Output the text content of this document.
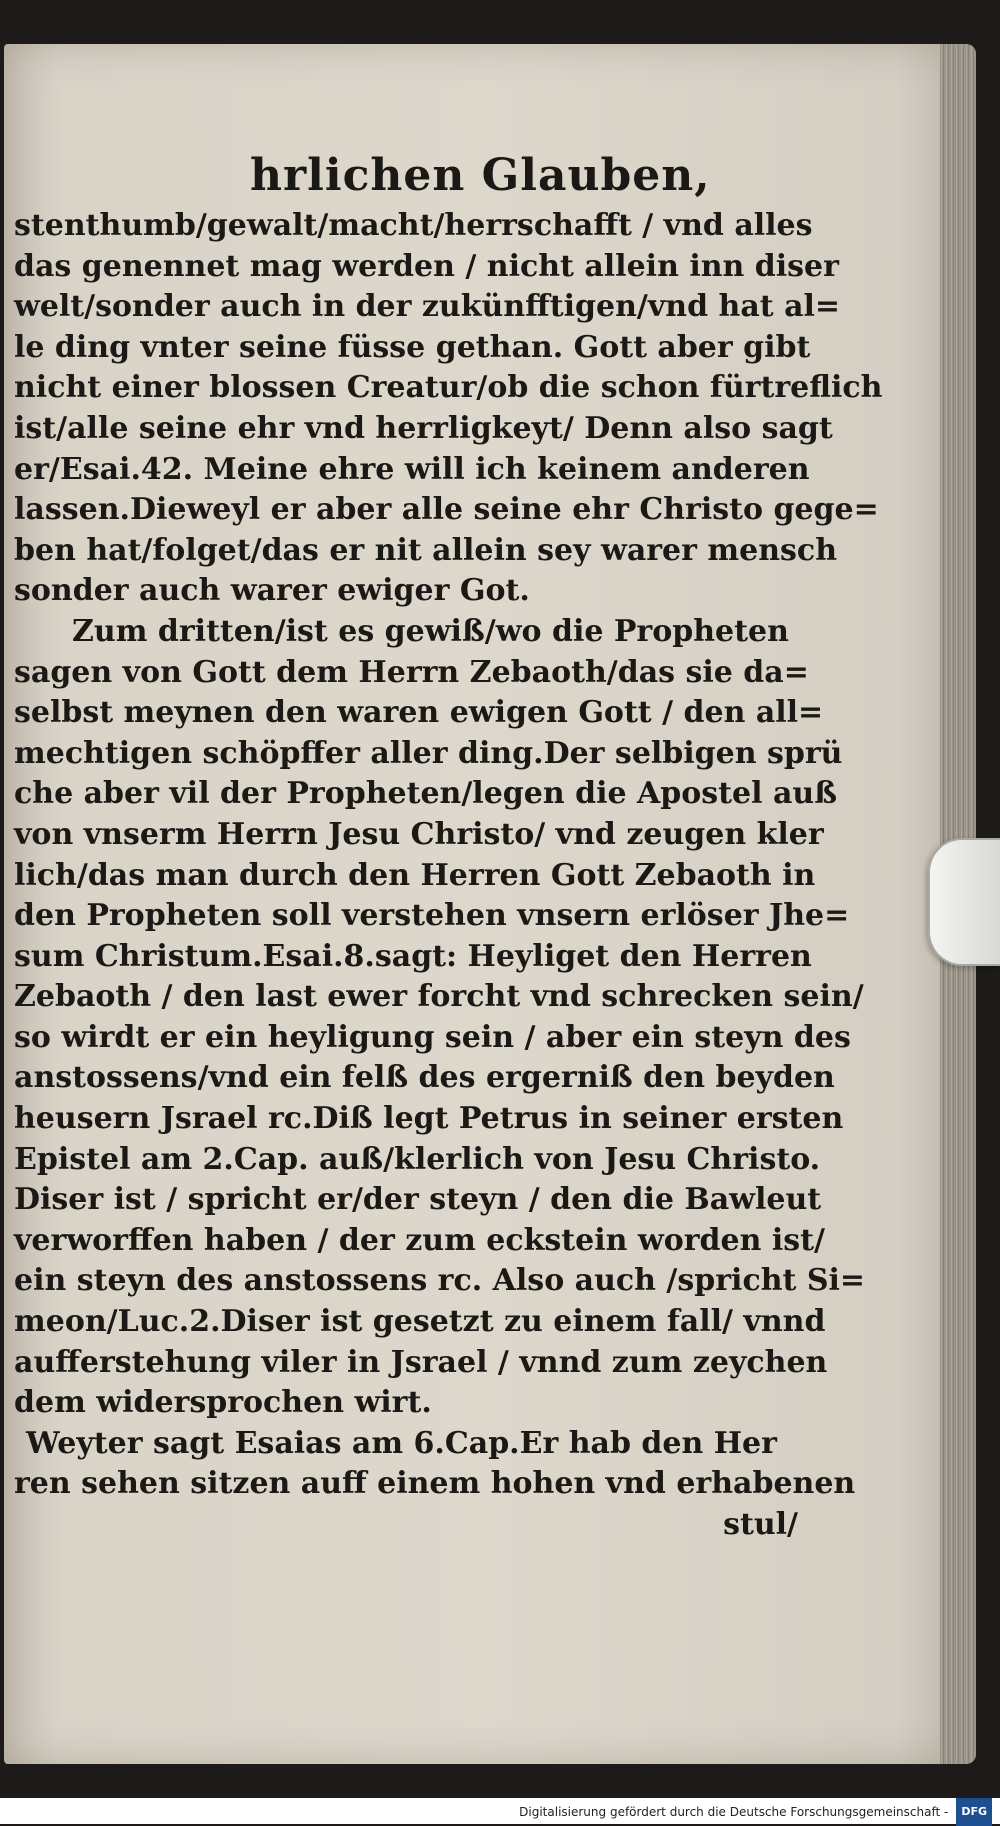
hrlichen Glauben,
stenthumb/gewalt/macht/herrschafft / vnd alles
das genennet mag werden / nicht allein inn diser
welt/sonder auch in der zukünfftigen/vnd hat al=
le ding vnter seine füsse gethan. Gott aber gibt
nicht einer blossen Creatur/ob die schon fürtreflich
ist/alle seine ehr vnd herrligkeyt/ Denn also sagt
er/Esai.42. Meine ehre will ich keinem anderen
lassen.Dieweyl er aber alle seine ehr Christo gege=
ben hat/folget/das er nit allein sey warer mensch
sonder auch warer ewiger Got.
Zum dritten/ist es gewiß/wo die Propheten
sagen von Gott dem Herrn Zebaoth/das sie da=
selbst meynen den waren ewigen Gott / den all=
mechtigen schöpffer aller ding.Der selbigen sprü
che aber vil der Propheten/legen die Apostel auß
von vnserm Herrn Jesu Christo/ vnd zeugen kler
lich/das man durch den Herren Gott Zebaoth in
den Propheten soll verstehen vnsern erlöser Jhe=
sum Christum.Esai.8.sagt: Heyliget den Herren
Zebaoth / den last ewer forcht vnd schrecken sein/
so wirdt er ein heyligung sein / aber ein steyn des
anstossens/vnd ein felß des ergerniß den beyden
heusern Jsrael rc.Diß legt Petrus in seiner ersten
Epistel am 2.Cap. auß/klerlich von Jesu Christo.
Diser ist / spricht er/der steyn / den die Bawleut
verworffen haben / der zum eckstein worden ist/
ein steyn des anstossens rc. Also auch /spricht Si=
meon/Luc.2.Diser ist gesetzt zu einem fall/ vnnd
aufferstehung viler in Jsrael / vnnd zum zeychen
dem widersprochen wirt.
Weyter sagt Esaias am 6.Cap.Er hab den Her
ren sehen sitzen auff einem hohen vnd erhabenen
stul/
Digitalisierung gefördert durch die Deutsche Forschungsgemeinschaft - DFG
